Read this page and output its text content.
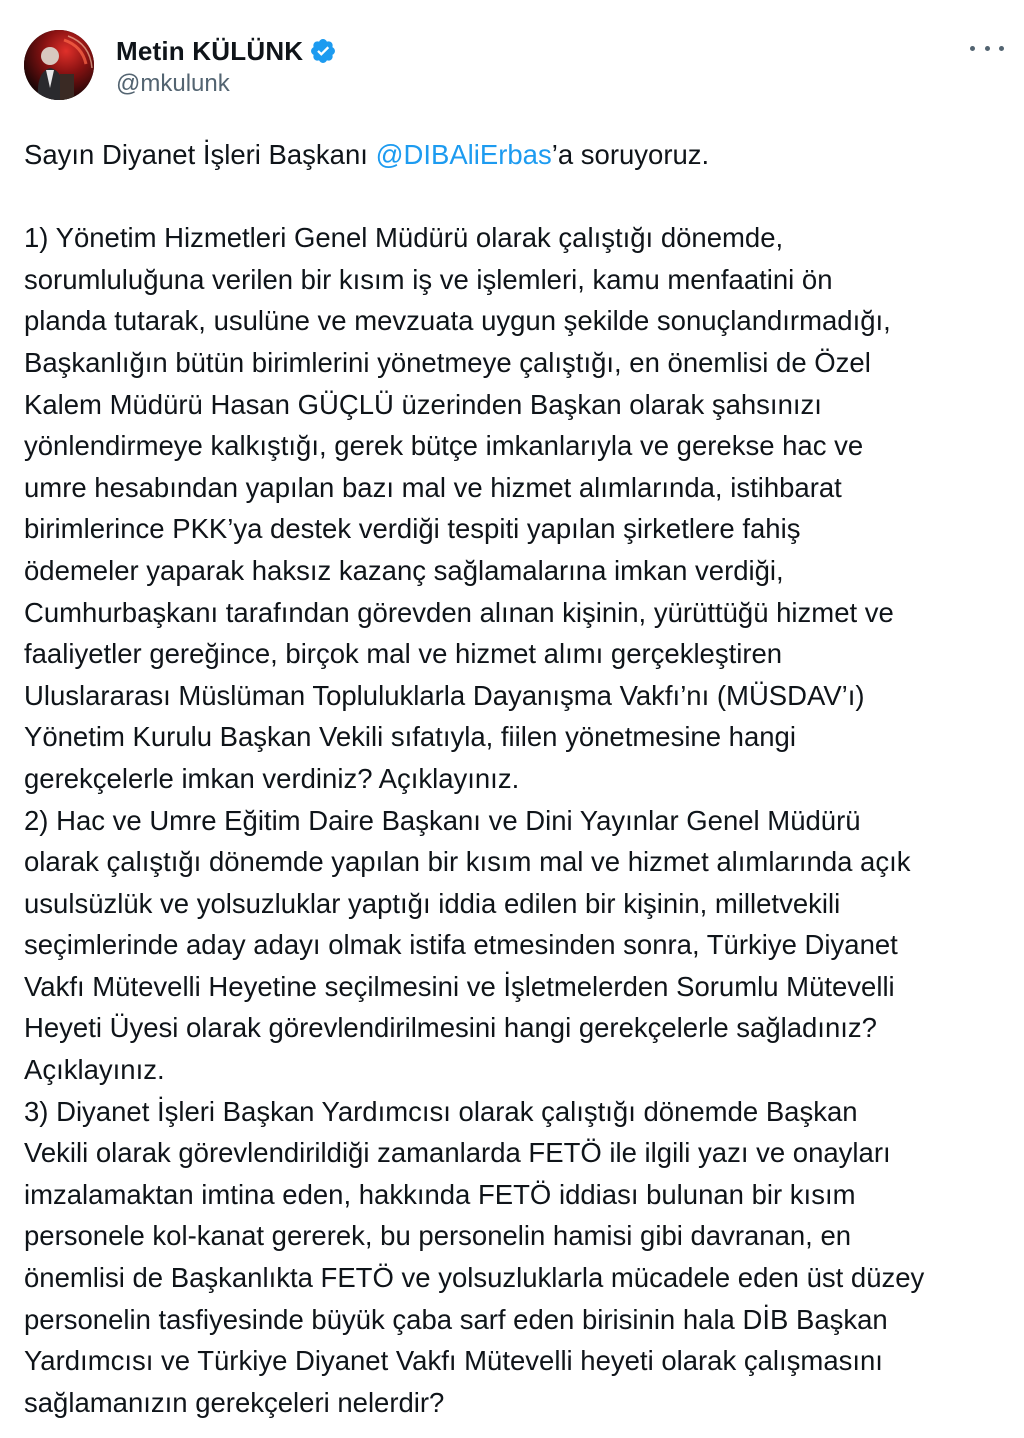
Metin KÜLÜNK
@mkulunk
Sayın Diyanet İşleri Başkanı @DIBAliErbas’a soruyoruz.
1) Yönetim Hizmetleri Genel Müdürü olarak çalıştığı dönemde,
sorumluluğuna verilen bir kısım iş ve işlemleri, kamu menfaatini ön
planda tutarak, usulüne ve mevzuata uygun şekilde sonuçlandırmadığı,
Başkanlığın bütün birimlerini yönetmeye çalıştığı, en önemlisi de Özel
Kalem Müdürü Hasan GÜÇLÜ üzerinden Başkan olarak şahsınızı
yönlendirmeye kalkıştığı, gerek bütçe imkanlarıyla ve gerekse hac ve
umre hesabından yapılan bazı mal ve hizmet alımlarında, istihbarat
birimlerince PKK’ya destek verdiği tespiti yapılan şirketlere fahiş
ödemeler yaparak haksız kazanç sağlamalarına imkan verdiği,
Cumhurbaşkanı tarafından görevden alınan kişinin, yürüttüğü hizmet ve
faaliyetler gereğince, birçok mal ve hizmet alımı gerçekleştiren
Uluslararası Müslüman Topluluklarla Dayanışma Vakfı’nı (MÜSDAV’ı)
Yönetim Kurulu Başkan Vekili sıfatıyla, fiilen yönetmesine hangi
gerekçelerle imkan verdiniz? Açıklayınız.
2) Hac ve Umre Eğitim Daire Başkanı ve Dini Yayınlar Genel Müdürü
olarak çalıştığı dönemde yapılan bir kısım mal ve hizmet alımlarında açık
usulsüzlük ve yolsuzluklar yaptığı iddia edilen bir kişinin, milletvekili
seçimlerinde aday adayı olmak istifa etmesinden sonra, Türkiye Diyanet
Vakfı Mütevelli Heyetine seçilmesini ve İşletmelerden Sorumlu Mütevelli
Heyeti Üyesi olarak görevlendirilmesini hangi gerekçelerle sağladınız?
Açıklayınız.
3) Diyanet İşleri Başkan Yardımcısı olarak çalıştığı dönemde Başkan
Vekili olarak görevlendirildiği zamanlarda FETÖ ile ilgili yazı ve onayları
imzalamaktan imtina eden, hakkında FETÖ iddiası bulunan bir kısım
personele kol-kanat gererek, bu personelin hamisi gibi davranan, en
önemlisi de Başkanlıkta FETÖ ve yolsuzluklarla mücadele eden üst düzey
personelin tasfiyesinde büyük çaba sarf eden birisinin hala DİB Başkan
Yardımcısı ve Türkiye Diyanet Vakfı Mütevelli heyeti olarak çalışmasını
sağlamanızın gerekçeleri nelerdir?
